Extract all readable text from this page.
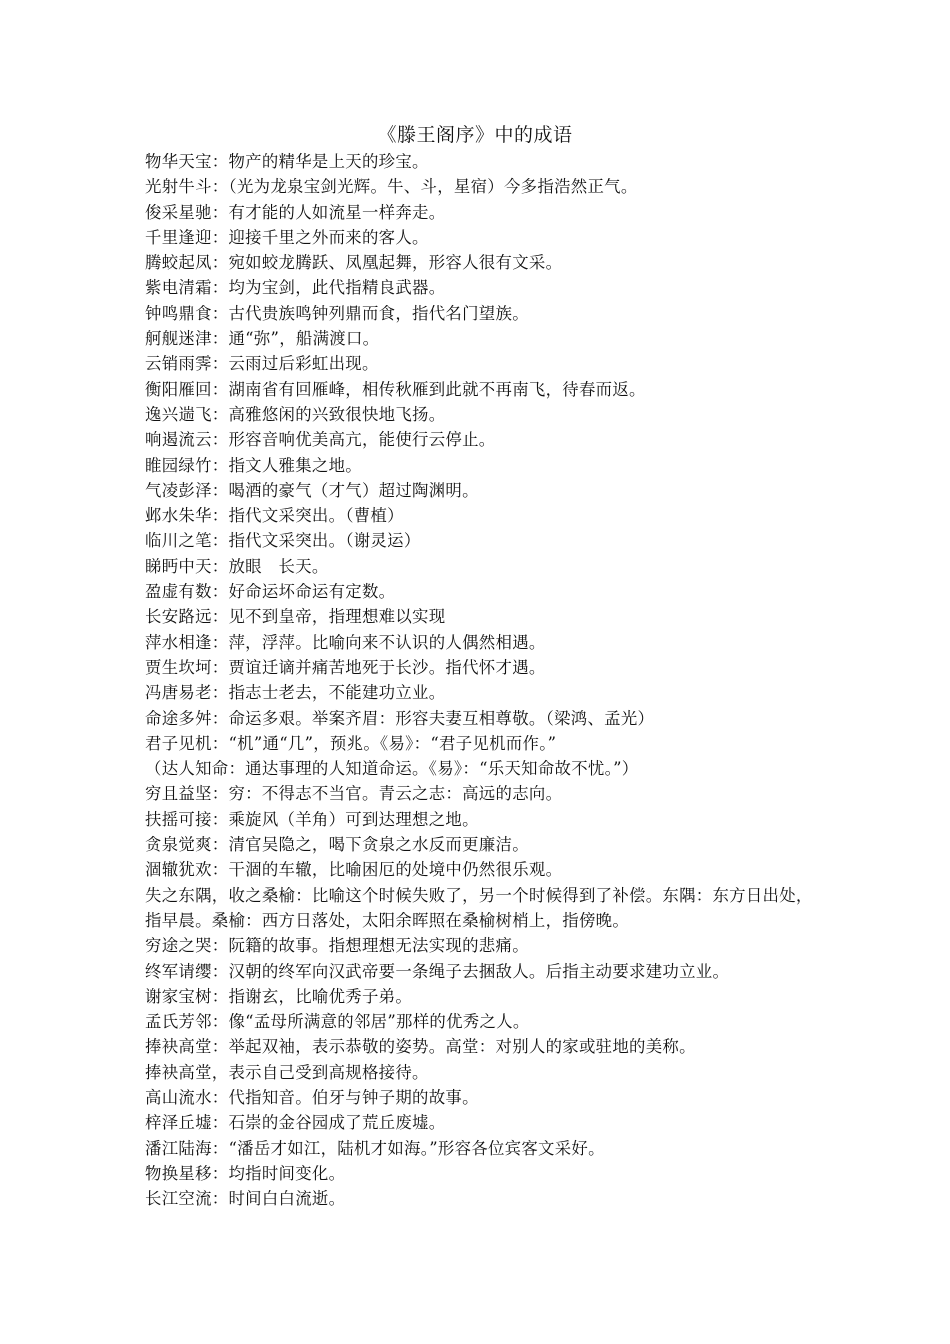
《滕王阁序》中的成语
物华天宝：物产的精华是上天的珍宝。
光射牛斗：（光为龙泉宝剑光辉。牛、斗，星宿）今多指浩然正气。
俊采星驰：有才能的人如流星一样奔走。
千里逢迎：迎接千里之外而来的客人。
腾蛟起凤：宛如蛟龙腾跃、凤凰起舞，形容人很有文采。
紫电清霜：均为宝剑，此代指精良武器。
钟鸣鼎食：古代贵族鸣钟列鼎而食，指代名门望族。
舸舰迷津：通“弥”，船满渡口。
云销雨霁：云雨过后彩虹出现。
衡阳雁回：湖南省有回雁峰，相传秋雁到此就不再南飞，待春而返。
逸兴遄飞：高雅悠闲的兴致很快地飞扬。
响遏流云：形容音响优美高亢，能使行云停止。
睢园绿竹：指文人雅集之地。
气凌彭泽：喝酒的豪气（才气）超过陶渊明。
邺水朱华：指代文采突出。（曹植）
临川之笔：指代文采突出。（谢灵运）
睇眄中天：放眼　长天。
盈虚有数：好命运坏命运有定数。
长安路远：见不到皇帝，指理想难以实现
萍水相逢：萍，浮萍。比喻向来不认识的人偶然相遇。
贾生坎坷：贾谊迁谪并痛苦地死于长沙。指代怀才遇。
冯唐易老：指志士老去，不能建功立业。
命途多舛：命运多艰。举案齐眉：形容夫妻互相尊敬。（梁鸿、孟光）
君子见机：“机”通“几”，预兆。《易》：“君子见机而作。”
（达人知命：通达事理的人知道命运。《易》：“乐天知命故不忧。”）
穷且益坚：穷：不得志不当官。青云之志：高远的志向。
扶摇可接：乘旋风（羊角）可到达理想之地。
贪泉觉爽：清官吴隐之，喝下贪泉之水反而更廉洁。
涸辙犹欢：干涸的车辙，比喻困厄的处境中仍然很乐观。
失之东隅，收之桑榆：比喻这个时候失败了，另一个时候得到了补偿。东隅：东方日出处，指早晨。桑榆：西方日落处，太阳余晖照在桑榆树梢上，指傍晚。
穷途之哭：阮籍的故事。指想理想无法实现的悲痛。
终军请缨：汉朝的终军向汉武帝要一条绳子去捆敌人。后指主动要求建功立业。
谢家宝树：指谢玄，比喻优秀子弟。
孟氏芳邻：像“孟母所满意的邻居”那样的优秀之人。
捧袂高堂：举起双袖，表示恭敬的姿势。高堂：对别人的家或驻地的美称。
捧袂高堂，表示自己受到高规格接待。
高山流水：代指知音。伯牙与钟子期的故事。
梓泽丘墟：石崇的金谷园成了荒丘废墟。
潘江陆海：“潘岳才如江，陆机才如海。”形容各位宾客文采好。
物换星移：均指时间变化。
长江空流：时间白白流逝。
